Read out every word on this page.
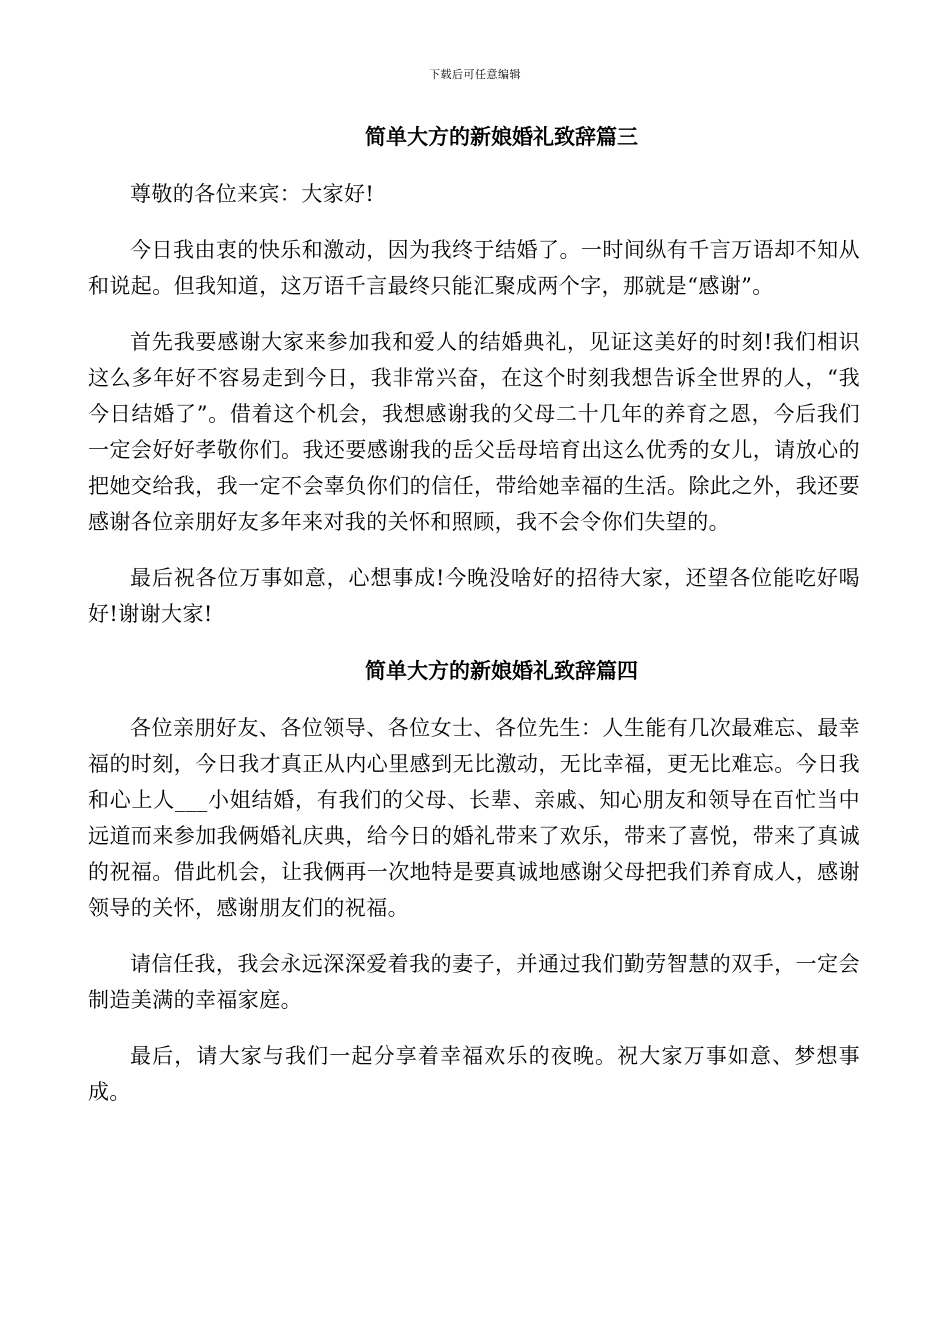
下载后可任意编辑
简单大方的新娘婚礼致辞篇三

尊敬的各位来宾：大家好!

今日我由衷的快乐和激动，因为我终于结婚了。一时间纵有千言万语却不知从和说起。但我知道，这万语千言最终只能汇聚成两个字，那就是“感谢”。

首先我要感谢大家来参加我和爱人的结婚典礼，见证这美好的时刻!我们相识这么多年好不容易走到今日，我非常兴奋，在这个时刻我想告诉全世界的人，“我今日结婚了”。借着这个机会，我想感谢我的父母二十几年的养育之恩，今后我们一定会好好孝敬你们。我还要感谢我的岳父岳母培育出这么优秀的女儿，请放心的把她交给我，我一定不会辜负你们的信任，带给她幸福的生活。除此之外，我还要感谢各位亲朋好友多年来对我的关怀和照顾，我不会令你们失望的。

最后祝各位万事如意，心想事成!今晚没啥好的招待大家，还望各位能吃好喝好!谢谢大家!

简单大方的新娘婚礼致辞篇四

各位亲朋好友、各位领导、各位女士、各位先生：人生能有几次最难忘、最幸福的时刻，今日我才真正从内心里感到无比激动，无比幸福，更无比难忘。今日我和心上人___小姐结婚，有我们的父母、长辈、亲戚、知心朋友和领导在百忙当中远道而来参加我俩婚礼庆典，给今日的婚礼带来了欢乐，带来了喜悦，带来了真诚的祝福。借此机会，让我俩再一次地特是要真诚地感谢父母把我们养育成人，感谢领导的关怀，感谢朋友们的祝福。

请信任我，我会永远深深爱着我的妻子，并通过我们勤劳智慧的双手，一定会制造美满的幸福家庭。

最后，请大家与我们一起分享着幸福欢乐的夜晚。祝大家万事如意、梦想事成。
